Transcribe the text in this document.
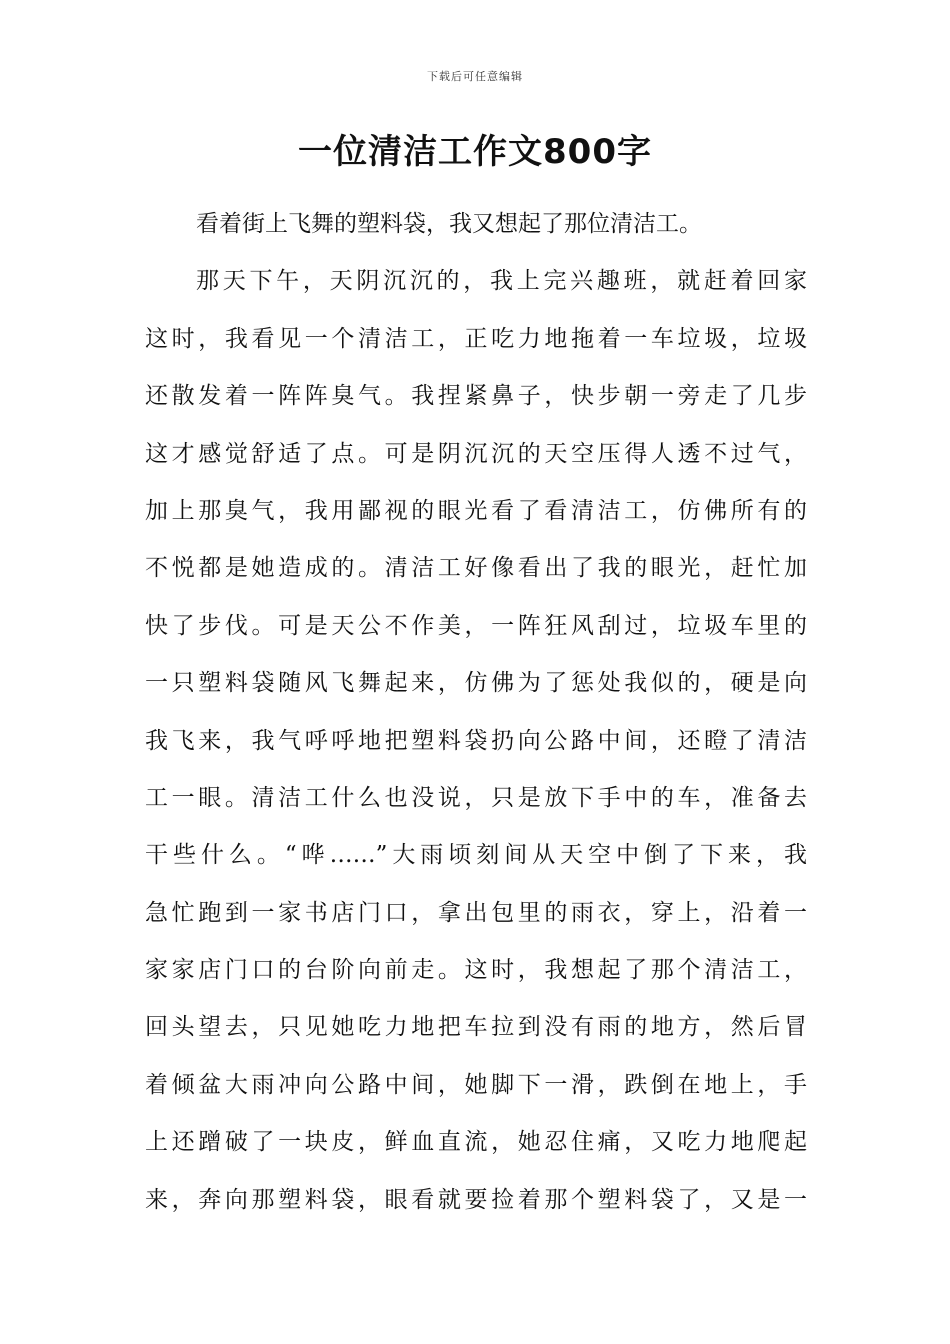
下载后可任意编辑
一位清洁工作文800字
看着街上飞舞的塑料袋，我又想起了那位清洁工。
那天下午，天阴沉沉的，我上完兴趣班，就赶着回家
这时，我看见一个清洁工，正吃力地拖着一车垃圾，垃圾
还散发着一阵阵臭气。我捏紧鼻子，快步朝一旁走了几步
这才感觉舒适了点。可是阴沉沉的天空压得人透不过气，
加上那臭气，我用鄙视的眼光看了看清洁工，仿佛所有的
不悦都是她造成的。清洁工好像看出了我的眼光，赶忙加
快了步伐。可是天公不作美，一阵狂风刮过，垃圾车里的
一只塑料袋随风飞舞起来，仿佛为了惩处我似的，硬是向
我飞来，我气呼呼地把塑料袋扔向公路中间，还瞪了清洁
工一眼。清洁工什么也没说，只是放下手中的车，准备去
干些什么。“哗……”大雨顷刻间从天空中倒了下来，我
急忙跑到一家书店门口，拿出包里的雨衣，穿上，沿着一
家家店门口的台阶向前走。这时，我想起了那个清洁工，
回头望去，只见她吃力地把车拉到没有雨的地方，然后冒
着倾盆大雨冲向公路中间，她脚下一滑，跌倒在地上，手
上还蹭破了一块皮，鲜血直流，她忍住痛，又吃力地爬起
来，奔向那塑料袋，眼看就要捡着那个塑料袋了，又是一
